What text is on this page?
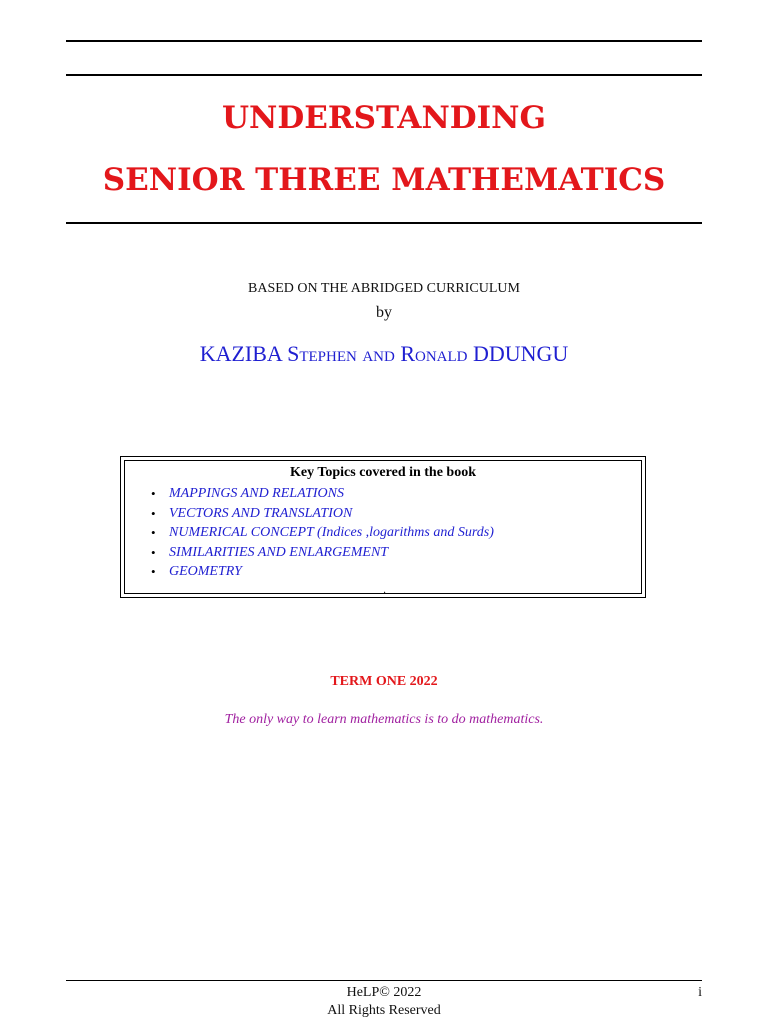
UNDERSTANDING
SENIOR THREE MATHEMATICS
BASED ON THE ABRIDGED CURRICULUM
by
KAZIBA Stephen and Ronald DDUNGU
Key Topics covered in the book
• MAPPINGS AND RELATIONS
• VECTORS AND TRANSLATION
• NUMERICAL CONCEPT (Indices ,logarithms and Surds)
• SIMILARITIES AND ENLARGEMENT
• GEOMETRY
.
TERM ONE 2022
The only way to learn mathematics is to do mathematics.
HeLP© 2022
All Rights Reserved
i
